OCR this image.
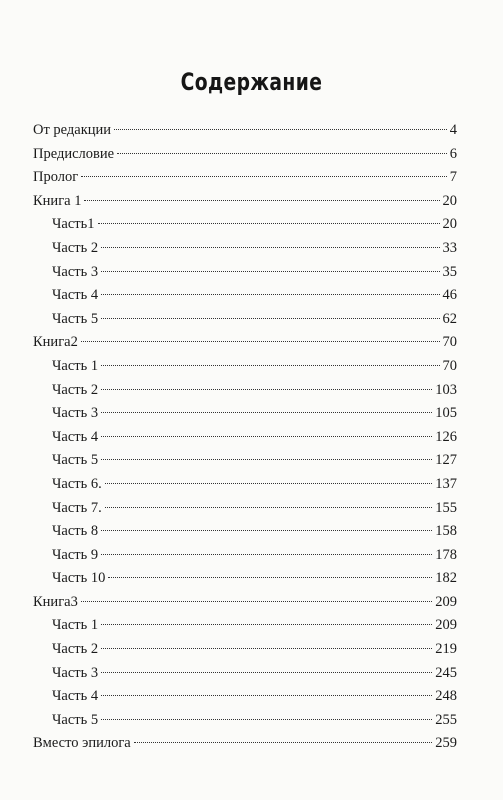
Содержание
От редакции	4
Предисловие	6
Пролог	7
Книга 1	20
Часть1	20
Часть 2	33
Часть 3	35
Часть 4	46
Часть 5	62
Книга2	70
Часть 1	70
Часть 2	103
Часть 3	105
Часть 4	126
Часть 5	127
Часть 6.	137
Часть 7.	155
Часть 8	158
Часть 9	178
Часть 10	182
Книга3	209
Часть 1	209
Часть 2	219
Часть 3	245
Часть 4	248
Часть 5	255
Вместо эпилога	259
